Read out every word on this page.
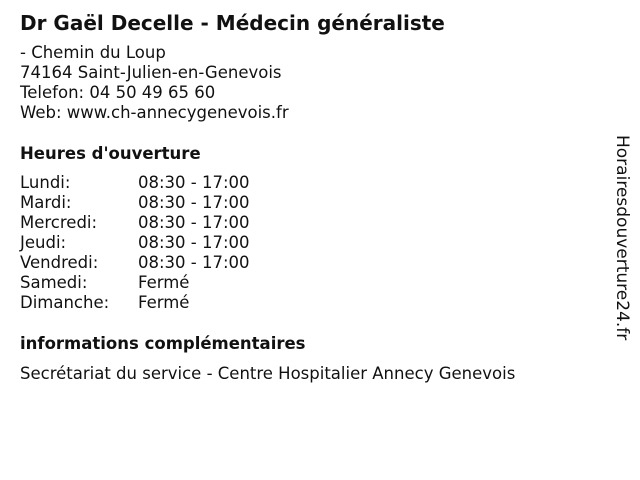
Dr Gaël Decelle - Médecin généraliste
- Chemin du Loup
74164 Saint-Julien-en-Genevois
Telefon: 04 50 49 65 60
Web: www.ch-annecygenevois.fr
Heures d'ouverture
Lundi:	08:30 - 17:00
Mardi:	08:30 - 17:00
Mercredi: 08:30 - 17:00
Jeudi:	08:30 - 17:00
Vendredi: 08:30 - 17:00
Samedi:	Fermé
Dimanche: Fermé
informations complémentaires
Secrétariat du service - Centre Hospitalier Annecy Genevois
Horairesdouverture24.fr
